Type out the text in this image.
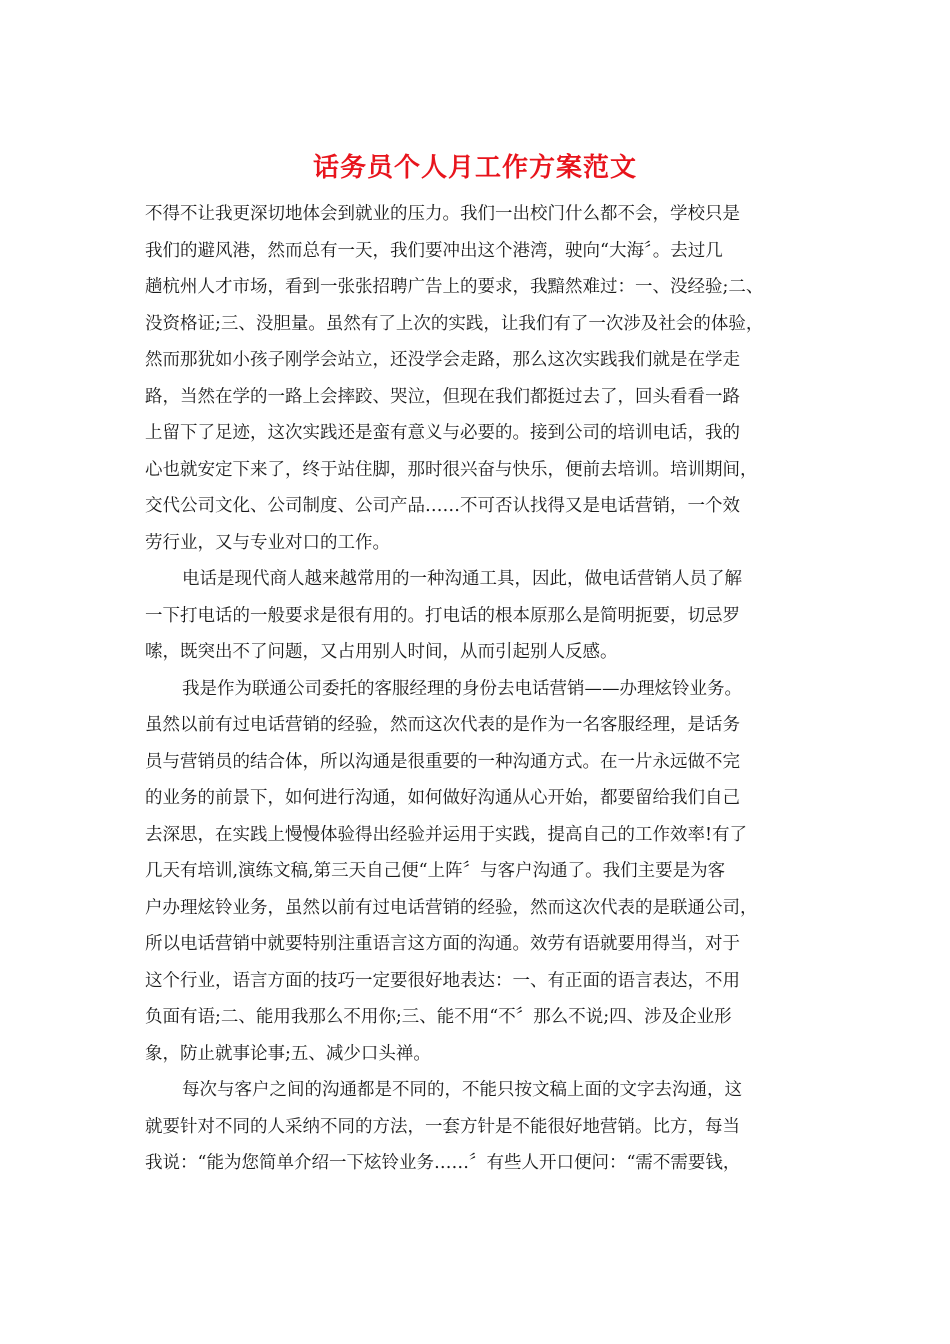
话务员个人月工作方案范文
不得不让我更深切地体会到就业的压力。我们一出校门什么都不会，学校只是
我们的避风港，然而总有一天，我们要冲出这个港湾，驶向“大海〞。去过几
趟杭州人才市场，看到一张张招聘广告上的要求，我黯然难过：一、没经验;二、
没资格证;三、没胆量。虽然有了上次的实践，让我们有了一次涉及社会的体验，
然而那犹如小孩子刚学会站立，还没学会走路，那么这次实践我们就是在学走
路，当然在学的一路上会摔跤、哭泣，但现在我们都挺过去了，回头看看一路
上留下了足迹，这次实践还是蛮有意义与必要的。接到公司的培训电话，我的
心也就安定下来了，终于站住脚，那时很兴奋与快乐，便前去培训。培训期间，
交代公司文化、公司制度、公司产品……不可否认找得又是电话营销，一个效
劳行业，又与专业对口的工作。
电话是现代商人越来越常用的一种沟通工具，因此，做电话营销人员了解
一下打电话的一般要求是很有用的。打电话的根本原那么是简明扼要，切忌罗
嗦，既突出不了问题，又占用别人时间，从而引起别人反感。
我是作为联通公司委托的客服经理的身份去电话营销——办理炫铃业务。
虽然以前有过电话营销的经验，然而这次代表的是作为一名客服经理，是话务
员与营销员的结合体，所以沟通是很重要的一种沟通方式。在一片永远做不完
的业务的前景下，如何进行沟通，如何做好沟通从心开始，都要留给我们自己
去深思，在实践上慢慢体验得出经验并运用于实践，提高自己的工作效率!有了
几天有培训,演练文稿,第三天自己便“上阵〞与客户沟通了。我们主要是为客
户办理炫铃业务，虽然以前有过电话营销的经验，然而这次代表的是联通公司，
所以电话营销中就要特别注重语言这方面的沟通。效劳有语就要用得当，对于
这个行业，语言方面的技巧一定要很好地表达：一、有正面的语言表达，不用
负面有语;二、能用我那么不用你;三、能不用“不〞那么不说;四、涉及企业形
象，防止就事论事;五、减少口头禅。
每次与客户之间的沟通都是不同的，不能只按文稿上面的文字去沟通，这
就要针对不同的人采纳不同的方法，一套方针是不能很好地营销。比方，每当
我说：“能为您简单介绍一下炫铃业务……〞有些人开口便问：“需不需要钱，
